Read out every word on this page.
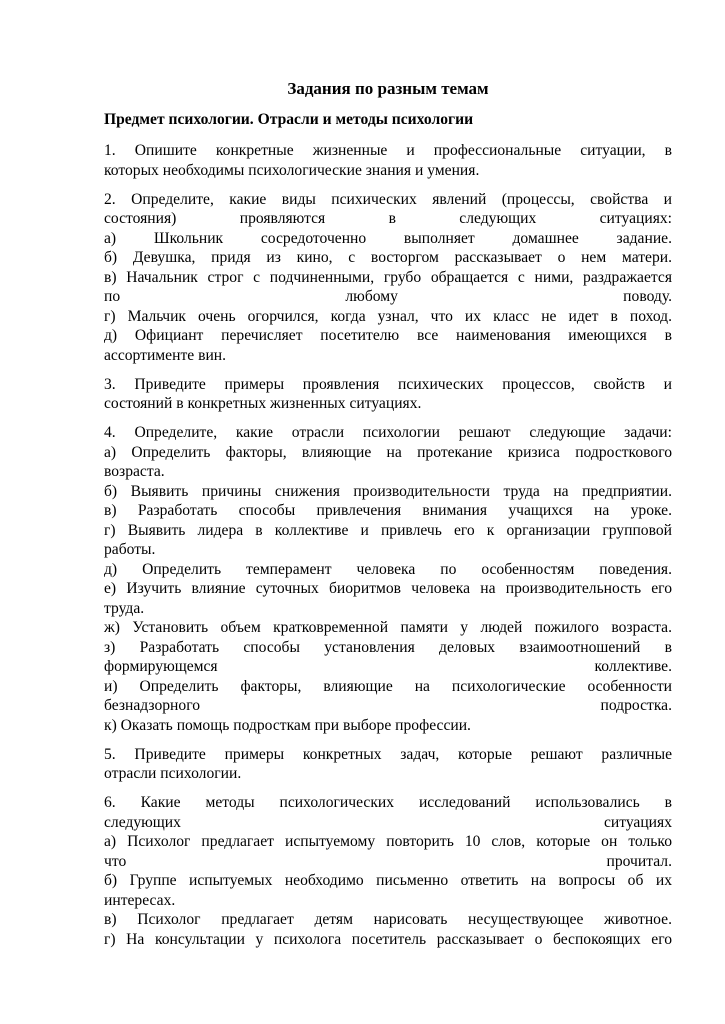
Задания по разным темам
Предмет психологии. Отрасли и методы психологии
1. Опишите конкретные жизненные и профессиональные ситуации, в
которых необходимы психологические знания и умения.
2. Определите, какие виды психических явлений (процессы, свойства и
состояния) проявляются в следующих ситуациях:
а) Школьник сосредоточенно выполняет домашнее задание.
б) Девушка, придя из кино, с восторгом рассказывает о нем матери.
в) Начальник строг с подчиненными, грубо обращается с ними, раздражается
по любому поводу.
г) Мальчик очень огорчился, когда узнал, что их класс не идет в поход.
д) Официант перечисляет посетителю все наименования имеющихся в
ассортименте вин.
3. Приведите примеры проявления психических процессов, свойств и
состояний в конкретных жизненных ситуациях.
4. Определите, какие отрасли психологии решают следующие задачи:
а) Определить факторы, влияющие на протекание кризиса подросткового
возраста.
б) Выявить причины снижения производительности труда на предприятии.
в) Разработать способы привлечения внимания учащихся на уроке.
г) Выявить лидера в коллективе и привлечь его к организации групповой
работы.
д) Определить темперамент человека по особенностям поведения.
е) Изучить влияние суточных биоритмов человека на производительность его
труда.
ж) Установить объем кратковременной памяти у людей пожилого возраста.
з) Разработать способы установления деловых взаимоотношений в
формирующемся коллективе.
и) Определить факторы, влияющие на психологические особенности
безнадзорного подростка.
к) Оказать помощь подросткам при выборе профессии.
5. Приведите примеры конкретных задач, которые решают различные
отрасли психологии.
6. Какие методы психологических исследований использовались в
следующих ситуациях
а) Психолог предлагает испытуемому повторить 10 слов, которые он только
что прочитал.
б) Группе испытуемых необходимо письменно ответить на вопросы об их
интересах.
в) Психолог предлагает детям нарисовать несуществующее животное.
г) На консультации у психолога посетитель рассказывает о беспокоящих его
